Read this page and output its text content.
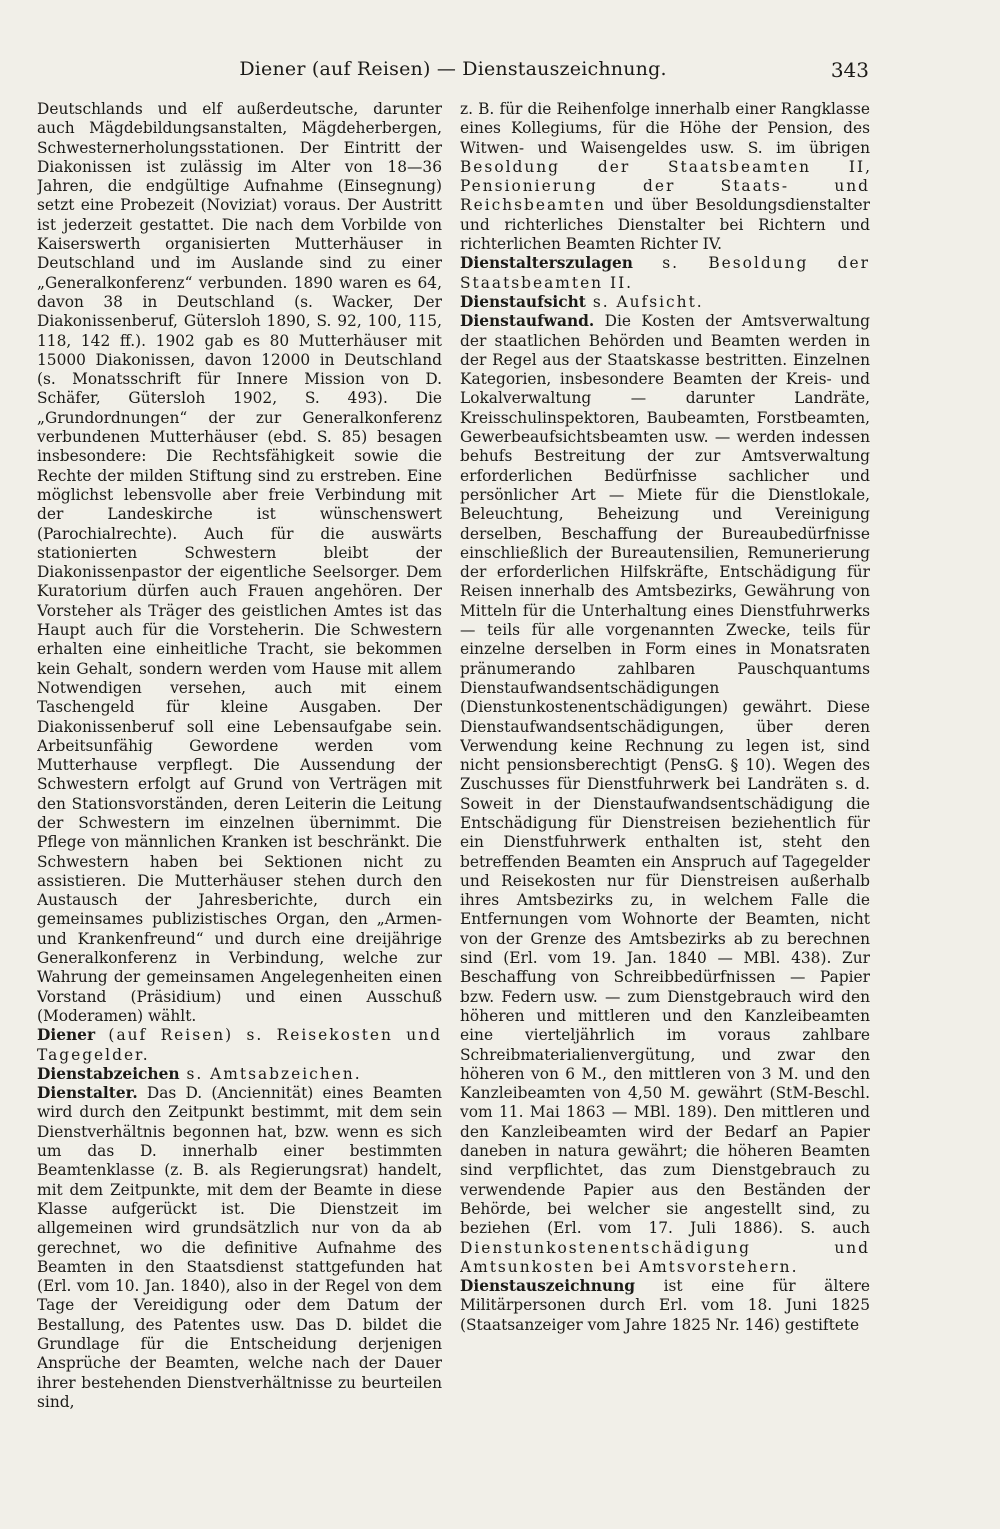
Diener (auf Reisen) — Dienstauszeichnung.	343

Deutschlands und elf außerdeutsche, darunter auch Mägdebildungsanstalten, Mägdeherbergen, Schwesternerholungsstationen. Der Eintritt der Diakonissen ist zulässig im Alter von 18—36 Jahren, die endgültige Aufnahme (Einsegnung) setzt eine Probezeit (Noviziat) voraus. Der Austritt ist jederzeit gestattet. Die nach dem Vorbilde von Kaiserswerth organisierten Mutterhäuser in Deutschland und im Auslande sind zu einer „Generalkonferenz“ verbunden. 1890 waren es 64, davon 38 in Deutschland (s. Wacker, Der Diakonissenberuf, Gütersloh 1890, S. 92, 100, 115, 118, 142 ff.). 1902 gab es 80 Mutterhäuser mit 15000 Diakonissen, davon 12000 in Deutschland (s. Monatsschrift für Innere Mission von D. Schäfer, Gütersloh 1902, S. 493). Die „Grundordnungen“ der zur Generalkonferenz verbundenen Mutterhäuser (ebd. S. 85) besagen insbesondere: Die Rechtsfähigkeit sowie die Rechte der milden Stiftung sind zu erstreben. Eine möglichst lebensvolle aber freie Verbindung mit der Landeskirche ist wünschenswert (Parochialrechte). Auch für die auswärts stationierten Schwestern bleibt der Diakonissenpastor der eigentliche Seelsorger. Dem Kuratorium dürfen auch Frauen angehören. Der Vorsteher als Träger des geistlichen Amtes ist das Haupt auch für die Vorsteherin. Die Schwestern erhalten eine einheitliche Tracht, sie bekommen kein Gehalt, sondern werden vom Hause mit allem Notwendigen versehen, auch mit einem Taschengeld für kleine Ausgaben. Der Diakonissenberuf soll eine Lebensaufgabe sein. Arbeitsunfähig Gewordene werden vom Mutterhause verpflegt. Die Aussendung der Schwestern erfolgt auf Grund von Verträgen mit den Stationsvorständen, deren Leiterin die Leitung der Schwestern im einzelnen übernimmt. Die Pflege von männlichen Kranken ist beschränkt. Die Schwestern haben bei Sektionen nicht zu assistieren. Die Mutterhäuser stehen durch den Austausch der Jahresberichte, durch ein gemeinsames publizistisches Organ, den „Armen- und Krankenfreund“ und durch eine dreijährige Generalkonferenz in Verbindung, welche zur Wahrung der gemeinsamen Angelegenheiten einen Vorstand (Präsidium) und einen Ausschuß (Moderamen) wählt.

Diener (auf Reisen) s. Reisekosten und Tagegelder.

Dienstabzeichen s. Amtsabzeichen.

Dienstalter. Das D. (Anciennität) eines Beamten wird durch den Zeitpunkt bestimmt, mit dem sein Dienstverhältnis begonnen hat, bzw. wenn es sich um das D. innerhalb einer bestimmten Beamtenklasse (z. B. als Regierungsrat) handelt, mit dem Zeitpunkte, mit dem der Beamte in diese Klasse aufgerückt ist. Die Dienstzeit im allgemeinen wird grundsätzlich nur von da ab gerechnet, wo die definitive Aufnahme des Beamten in den Staatsdienst stattgefunden hat (Erl. vom 10. Jan. 1840), also in der Regel von dem Tage der Vereidigung oder dem Datum der Bestallung, des Patentes usw. Das D. bildet die Grundlage für die Entscheidung derjenigen Ansprüche der Beamten, welche nach der Dauer ihrer bestehenden Dienstverhältnisse zu beurteilen sind,

z. B. für die Reihenfolge innerhalb einer Rangklasse eines Kollegiums, für die Höhe der Pension, des Witwen- und Waisengeldes usw. S. im übrigen Besoldung der Staatsbeamten II, Pensionierung der Staats- und Reichsbeamten und über Besoldungsdienstalter und richterliches Dienstalter bei Richtern und richterlichen Beamten Richter IV.

Dienstalterszulagen s. Besoldung der Staatsbeamten II.

Dienstaufsicht s. Aufsicht.

Dienstaufwand. Die Kosten der Amtsverwaltung der staatlichen Behörden und Beamten werden in der Regel aus der Staatskasse bestritten. Einzelnen Kategorien, insbesondere Beamten der Kreis- und Lokalverwaltung — darunter Landräte, Kreisschulinspektoren, Baubeamten, Forstbeamten, Gewerbeaufsichtsbeamten usw. — werden indessen behufs Bestreitung der zur Amtsverwaltung erforderlichen Bedürfnisse sachlicher und persönlicher Art — Miete für die Dienstlokale, Beleuchtung, Beheizung und Vereinigung derselben, Beschaffung der Bureaubedürfnisse einschließlich der Bureautensilien, Remunerierung der erforderlichen Hilfskräfte, Entschädigung für Reisen innerhalb des Amtsbezirks, Gewährung von Mitteln für die Unterhaltung eines Dienstfuhrwerks — teils für alle vorgenannten Zwecke, teils für einzelne derselben in Form eines in Monatsraten pränumerando zahlbaren Pauschquantums Dienstaufwandsentschädigungen (Dienstunkostenentschädigungen) gewährt. Diese Dienstaufwandsentschädigungen, über deren Verwendung keine Rechnung zu legen ist, sind nicht pensionsberechtigt (PensG. § 10). Wegen des Zuschusses für Dienstfuhrwerk bei Landräten s. d. Soweit in der Dienstaufwandsentschädigung die Entschädigung für Dienstreisen beziehentlich für ein Dienstfuhrwerk enthalten ist, steht den betreffenden Beamten ein Anspruch auf Tagegelder und Reisekosten nur für Dienstreisen außerhalb ihres Amtsbezirks zu, in welchem Falle die Entfernungen vom Wohnorte der Beamten, nicht von der Grenze des Amtsbezirks ab zu berechnen sind (Erl. vom 19. Jan. 1840 — MBl. 438). Zur Beschaffung von Schreibbedürfnissen — Papier bzw. Federn usw. — zum Dienstgebrauch wird den höheren und mittleren und den Kanzleibeamten eine vierteljährlich im voraus zahlbare Schreibmaterialienvergütung, und zwar den höheren von 6 M., den mittleren von 3 M. und den Kanzleibeamten von 4,50 M. gewährt (StM-Beschl. vom 11. Mai 1863 — MBl. 189). Den mittleren und den Kanzleibeamten wird der Bedarf an Papier daneben in natura gewährt; die höheren Beamten sind verpflichtet, das zum Dienstgebrauch zu verwendende Papier aus den Beständen der Behörde, bei welcher sie angestellt sind, zu beziehen (Erl. vom 17. Juli 1886). S. auch Dienstunkostenentschädigung und Amtsunkosten bei Amtsvorstehern.

Dienstauszeichnung ist eine für ältere Militärpersonen durch Erl. vom 18. Juni 1825 (Staatsanzeiger vom Jahre 1825 Nr. 146) gestiftete
